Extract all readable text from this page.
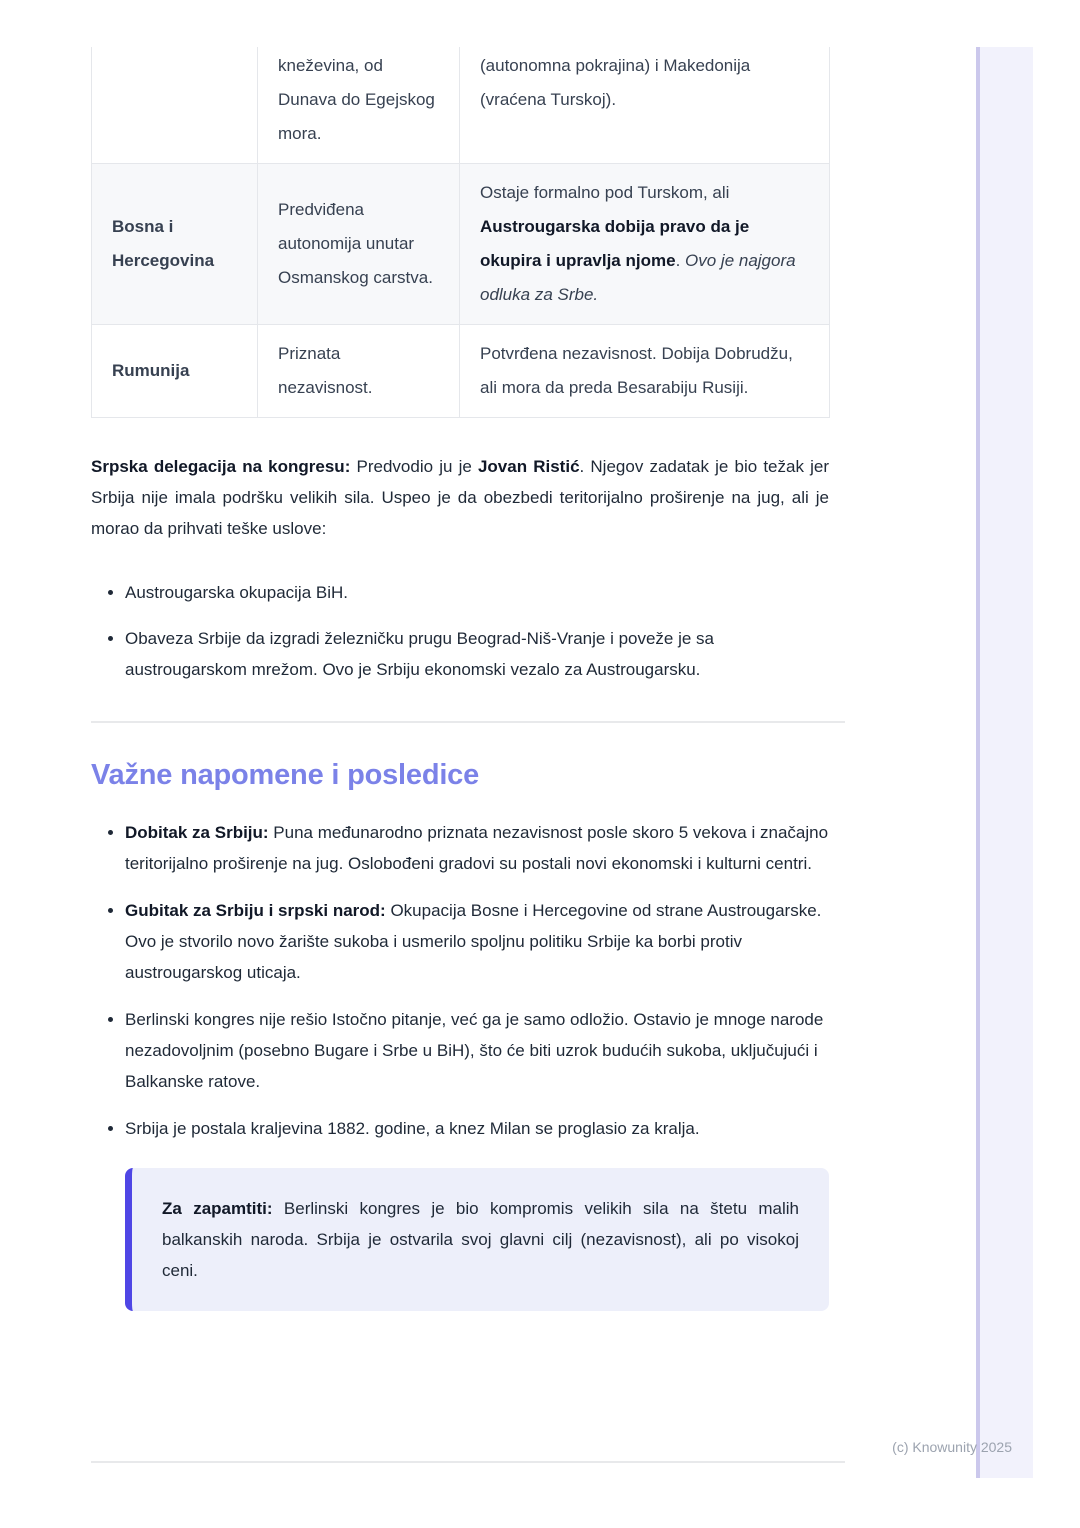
	kneževina, od Dunava do Egejskog mora.	(autonomna pokrajina) i Makedonija (vraćena Turskoj).
Bosna i Hercegovina	Predviđena autonomija unutar Osmanskog carstva.	Ostaje formalno pod Turskom, ali Austrougarska dobija pravo da je okupira i upravlja njome. Ovo je najgora odluka za Srbe.
Rumunija	Priznata nezavisnost.	Potvrđena nezavisnost. Dobija Dobrudžu, ali mora da preda Besarabiju Rusiji.

Srpska delegacija na kongresu: Predvodio ju je Jovan Ristić. Njegov zadatak je bio težak jer Srbija nije imala podršku velikih sila. Uspeo je da obezbedi teritorijalno proširenje na jug, ali je morao da prihvati teške uslove:

• Austrougarska okupacija BiH.
• Obaveza Srbije da izgradi železničku prugu Beograd-Niš-Vranje i poveže je sa austrougarskom mrežom. Ovo je Srbiju ekonomski vezalo za Austrougarsku.
Važne napomene i posledice
• Dobitak za Srbiju: Puna međunarodno priznata nezavisnost posle skoro 5 vekova i značajno teritorijalno proširenje na jug. Oslobođeni gradovi su postali novi ekonomski i kulturni centri.
• Gubitak za Srbiju i srpski narod: Okupacija Bosne i Hercegovine od strane Austrougarske. Ovo je stvorilo novo žarište sukoba i usmerilo spoljnu politiku Srbije ka borbi protiv austrougarskog uticaja.
• Berlinski kongres nije rešio Istočno pitanje, već ga je samo odložio. Ostavio je mnoge narode nezadovoljnim (posebno Bugare i Srbe u BiH), što će biti uzrok budućih sukoba, uključujući i Balkanske ratove.
• Srbija je postala kraljevina 1882. godine, a knez Milan se proglasio za kralja.
Za zapamtiti: Berlinski kongres je bio kompromis velikih sila na štetu malih balkanskih naroda. Srbija je ostvarila svoj glavni cilj (nezavisnost), ali po visokoj ceni.
(c) Knowunity 2025
